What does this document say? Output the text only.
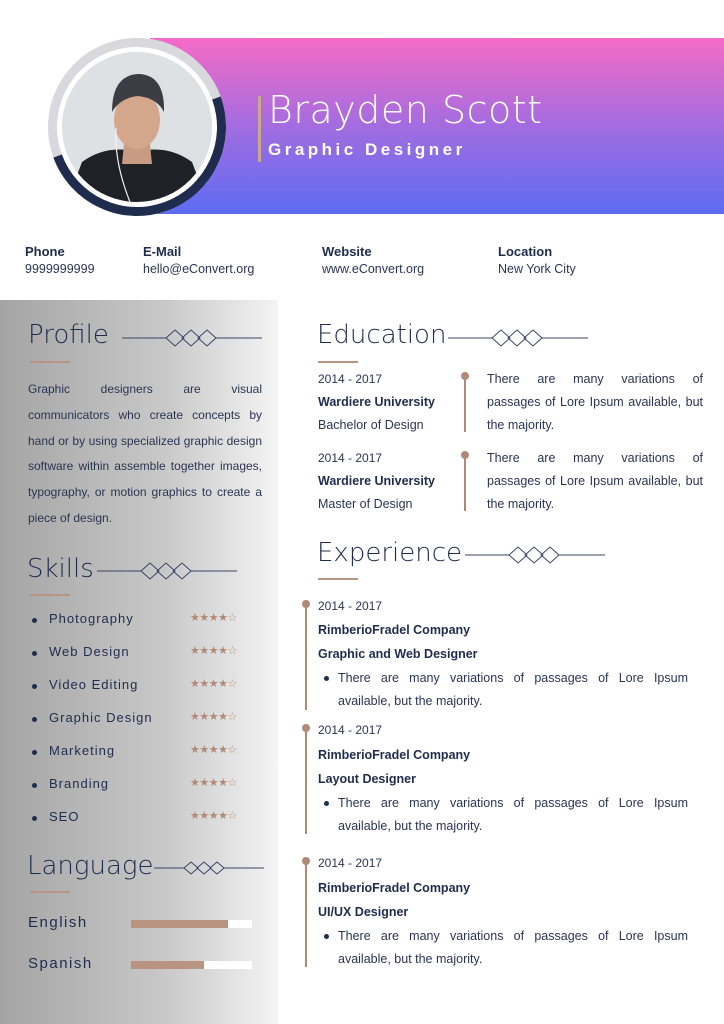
Brayden Scott
Graphic Designer
Phone
9999999999
E-Mail
hello@eConvert.org
Website
www.eConvert.org
Location
New York City
Profile
Graphic designers are visual communicators who create concepts by hand or by using specialized graphic design software within assemble together images, typography, or motion graphics to create a piece of design.
Skills
Photography	★★★★☆
Web Design	★★★★☆
Video Editing	★★★★☆
Graphic Design	★★★★☆
Marketing	★★★★☆
Branding	★★★★☆
SEO	★★★★☆
Language
English
Spanish
Education
2014 - 2017
Wardiere University
Bachelor of Design
There are many variations of passages of Lore Ipsum available, but the majority.
2014 - 2017
Wardiere University
Master of Design
There are many variations of passages of Lore Ipsum available, but the majority.
Experience
2014 - 2017
RimberioFradel Company
Graphic and Web Designer
There are many variations of passages of Lore Ipsum available, but the majority.
2014 - 2017
RimberioFradel Company
Layout Designer
There are many variations of passages of Lore Ipsum available, but the majority.
2014 - 2017
RimberioFradel Company
UI/UX Designer
There are many variations of passages of Lore Ipsum available, but the majority.
